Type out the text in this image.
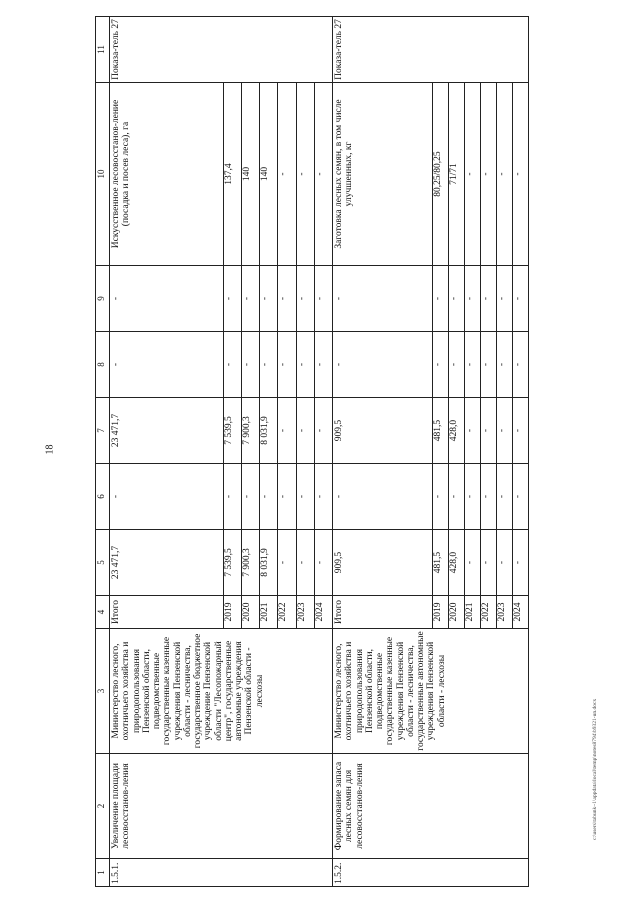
18
c:\users\tabunk~1\appdata\local\temp\notes8794\b9321-un.docx
1	2	3	4	5	6	7	8	9	10	11
1.5.1.	Увеличение площади лесовосстанов-ления	Министерство лесного, охотничьего хозяйства и природопользования Пензенской области, подведомственные государственные казенные учреждения Пензенской области - лесничества, государственное бюджетное учреждение Пензенской области "Лесопожарный центр", государственные автономные учреждения Пензенской области - лесхозы	Итого	23 471,7	-	23 471,7	-	-	Искусственное лесовосстанов-ление (посадка и посев леса), га	Показа-тель 27
			2019	7 539,5	-	7 539,5	-	-	137,4	
			2020	7 900,3	-	7 900,3	-	-	140	
			2021	8 031,9	-	8 031,9	-	-	140	
			2022	-	-	-	-	-	-	
			2023	-	-	-	-	-	-	
			2024	-	-	-	-	-	-	
1.5.2.	Формирование запаса лесных семян для лесовосстанов-ления	Министерство лесного, охотничьего хозяйства и природопользования Пензенской области, подведомственные государственные казенные учреждения Пензенской области - лесничества, государственные автономные учреждения Пензенской области - лесхозы	Итого	909,5	-	909,5	-	-	Заготовка лесных семян, в том числе улучшенных, кг	Показа-тель 27
			2019	481,5	-	481,5	-	-	80,25/80,25	
			2020	428,0	-	428,0	-	-	71/71	
			2021	-	-	-	-	-	-	
			2022	-	-	-	-	-	-	
			2023	-	-	-	-	-	-	
			2024	-	-	-	-	-	-	
